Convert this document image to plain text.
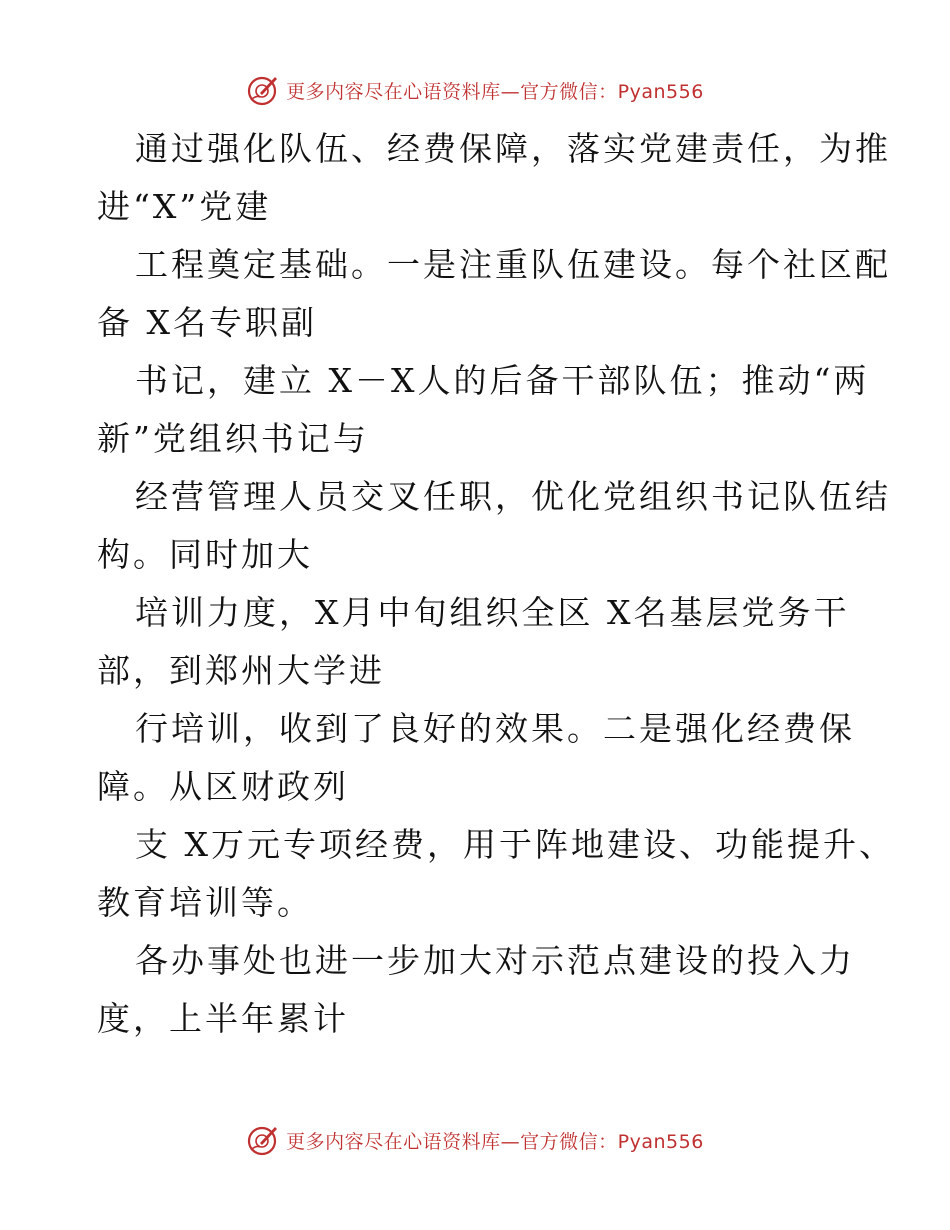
更多内容尽在心语资料库—官方微信：Pyan556
通过强化队伍、经费保障，落实党建责任，为推
进“X”党建
工程奠定基础。一是注重队伍建设。每个社区配
备 X名专职副
书记，建立 X－X人的后备干部队伍；推动“两
新”党组织书记与
经营管理人员交叉任职，优化党组织书记队伍结
构。同时加大
培训力度，X月中旬组织全区 X名基层党务干
部，到郑州大学进
行培训，收到了良好的效果。二是强化经费保
障。从区财政列
支 X万元专项经费，用于阵地建设、功能提升、
教育培训等。
各办事处也进一步加大对示范点建设的投入力
度，上半年累计
更多内容尽在心语资料库—官方微信：Pyan556
